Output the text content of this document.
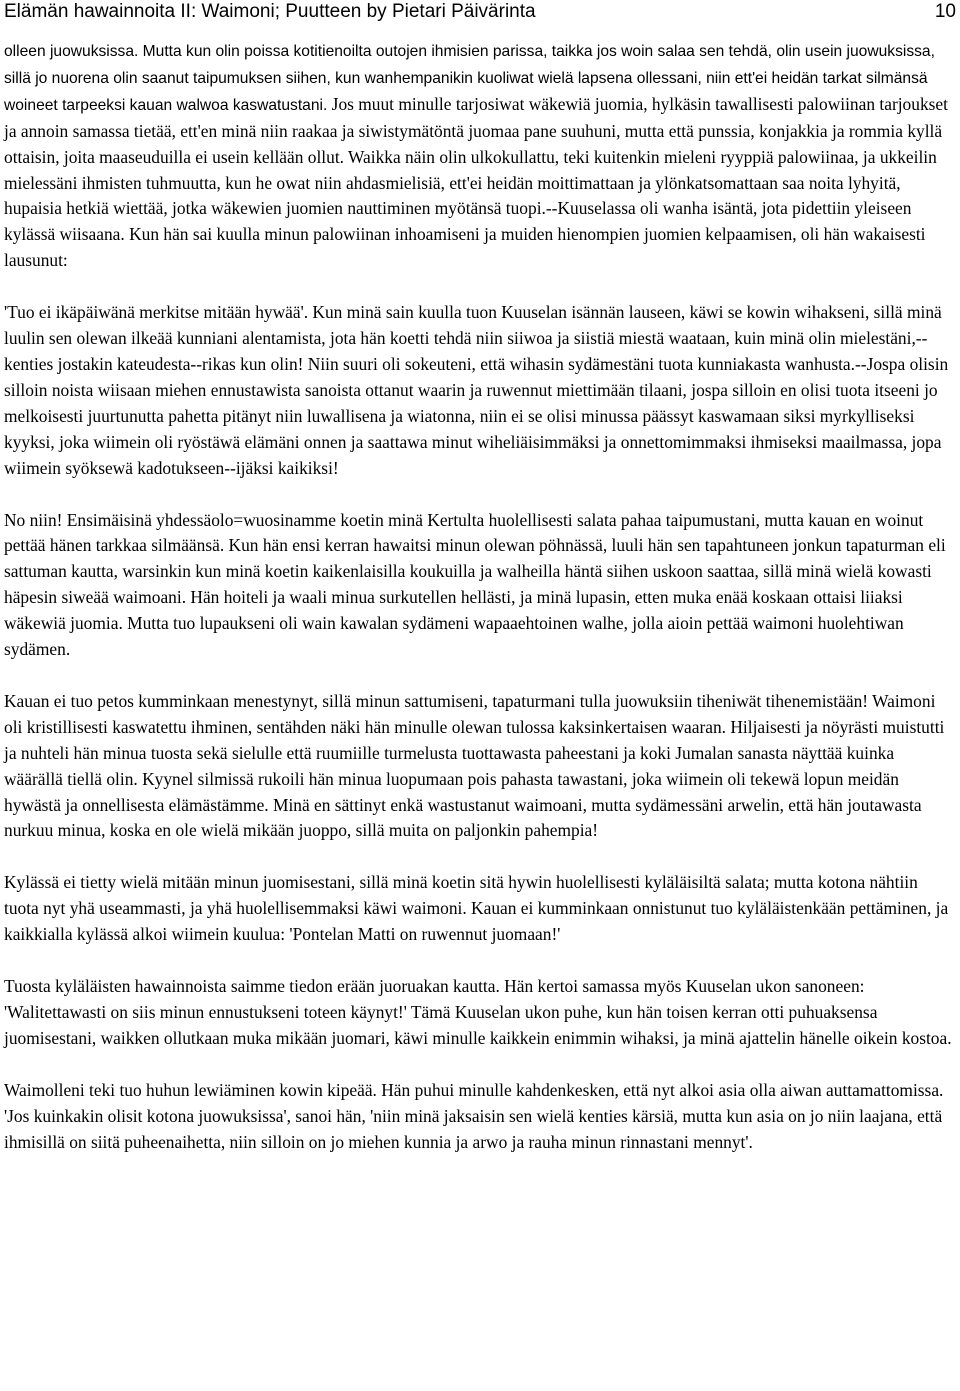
Elämän hawainnoita II: Waimoni; Puutteen by Pietari Päivärinta	10

olleen juowuksissa. Mutta kun olin poissa kotitienoilta outojen ihmisien parissa, taikka jos woin salaa sen tehdä, olin usein juowuksissa, sillä jo nuorena olin saanut taipumuksen siihen, kun wanhempanikin kuoliwat wielä lapsena ollessani, niin ett'ei heidän tarkat silmänsä woineet tarpeeksi kauan walwoa kaswatustani. Jos muut minulle tarjosiwat wäkewiä juomia, hylkäsin tawallisesti palowiinan tarjoukset ja annoin samassa tietää, ett'en minä niin raakaa ja siwistymätöntä juomaa pane suuhuni, mutta että punssia, konjakkia ja rommia kyllä ottaisin, joita maaseuduilla ei usein kellään ollut. Waikka näin olin ulkokullattu, teki kuitenkin mieleni ryyppiä palowiinaa, ja ukkeilin mielessäni ihmisten tuhmuutta, kun he owat niin ahdasmielisiä, ett'ei heidän moittimattaan ja ylönkatsomattaan saa noita lyhyitä, hupaisia hetkiä wiettää, jotka wäkewien juomien nauttiminen myötänsä tuopi.--Kuuselassa oli wanha isäntä, jota pidettiin yleiseen kylässä wiisaana. Kun hän sai kuulla minun palowiinan inhoamiseni ja muiden hienompien juomien kelpaamisen, oli hän wakaisesti lausunut:

'Tuo ei ikäpäiwänä merkitse mitään hywää'. Kun minä sain kuulla tuon Kuuselan isännän lauseen, käwi se kowin wihakseni, sillä minä luulin sen olewan ilkeää kunniani alentamista, jota hän koetti tehdä niin siiwoa ja siistiä miestä waataan, kuin minä olin mielestäni,--kenties jostakin kateudesta--rikas kun olin! Niin suuri oli sokeuteni, että wihasin sydämestäni tuota kunniakasta wanhusta.--Jospa olisin silloin noista wiisaan miehen ennustawista sanoista ottanut waarin ja ruwennut miettimään tilaani, jospa silloin en olisi tuota itseeni jo melkoisesti juurtunutta pahetta pitänyt niin luwallisena ja wiatonna, niin ei se olisi minussa päässyt kaswamaan siksi myrkylliseksi kyyksi, joka wiimein oli ryöstäwä elämäni onnen ja saattawa minut wiheliäisimmäksi ja onnettomimmaksi ihmiseksi maailmassa, jopa wiimein syöksewä kadotukseen--ijäksi kaikiksi!

No niin! Ensimäisinä yhdessäolo=wuosinamme koetin minä Kertulta huolellisesti salata pahaa taipumustani, mutta kauan en woinut pettää hänen tarkkaa silmäänsä. Kun hän ensi kerran hawaitsi minun olewan pöhnässä, luuli hän sen tapahtuneen jonkun tapaturman eli sattuman kautta, warsinkin kun minä koetin kaikenlaisilla koukuilla ja walheilla häntä siihen uskoon saattaa, sillä minä wielä kowasti häpesin siweää waimoani. Hän hoiteli ja waali minua surkutellen hellästi, ja minä lupasin, etten muka enää koskaan ottaisi liiaksi wäkewiä juomia. Mutta tuo lupaukseni oli wain kawalan sydämeni wapaaehtoinen walhe, jolla aioin pettää waimoni huolehtiwan sydämen.

Kauan ei tuo petos kumminkaan menestynyt, sillä minun sattumiseni, tapaturmani tulla juowuksiin tiheniwät tihenemistään! Waimoni oli kristillisesti kaswatettu ihminen, sentähden näki hän minulle olewan tulossa kaksinkertaisen waaran. Hiljaisesti ja nöyrästi muistutti ja nuhteli hän minua tuosta sekä sielulle että ruumiille turmelusta tuottawasta paheestani ja koki Jumalan sanasta näyttää kuinka wäärällä tiellä olin. Kyynel silmissä rukoili hän minua luopumaan pois pahasta tawastani, joka wiimein oli tekewä lopun meidän hywästä ja onnellisesta elämästämme. Minä en sättinyt enkä wastustanut waimoani, mutta sydämessäni arwelin, että hän joutawasta nurkuu minua, koska en ole wielä mikään juoppo, sillä muita on paljonkin pahempia!

Kylässä ei tietty wielä mitään minun juomisestani, sillä minä koetin sitä hywin huolellisesti kyläläisiltä salata; mutta kotona nähtiin tuota nyt yhä useammasti, ja yhä huolellisemmaksi käwi waimoni. Kauan ei kumminkaan onnistunut tuo kyläläistenkään pettäminen, ja kaikkialla kylässä alkoi wiimein kuulua: 'Pontelan Matti on ruwennut juomaan!'

Tuosta kyläläisten hawainnoista saimme tiedon erään juoruakan kautta. Hän kertoi samassa myös Kuuselan ukon sanoneen: 'Walitettawasti on siis minun ennustukseni toteen käynyt!' Tämä Kuuselan ukon puhe, kun hän toisen kerran otti puhuaksensa juomisestani, waikken ollutkaan muka mikään juomari, käwi minulle kaikkein enimmin wihaksi, ja minä ajattelin hänelle oikein kostoa.

Waimolleni teki tuo huhun lewiäminen kowin kipeää. Hän puhui minulle kahdenkesken, että nyt alkoi asia olla aiwan auttamattomissa. 'Jos kuinkakin olisit kotona juowuksissa', sanoi hän, 'niin minä jaksaisin sen wielä kenties kärsiä, mutta kun asia on jo niin laajana, että ihmisillä on siitä puheenaihetta, niin silloin on jo miehen kunnia ja arwo ja rauha minun rinnastani mennyt'.
